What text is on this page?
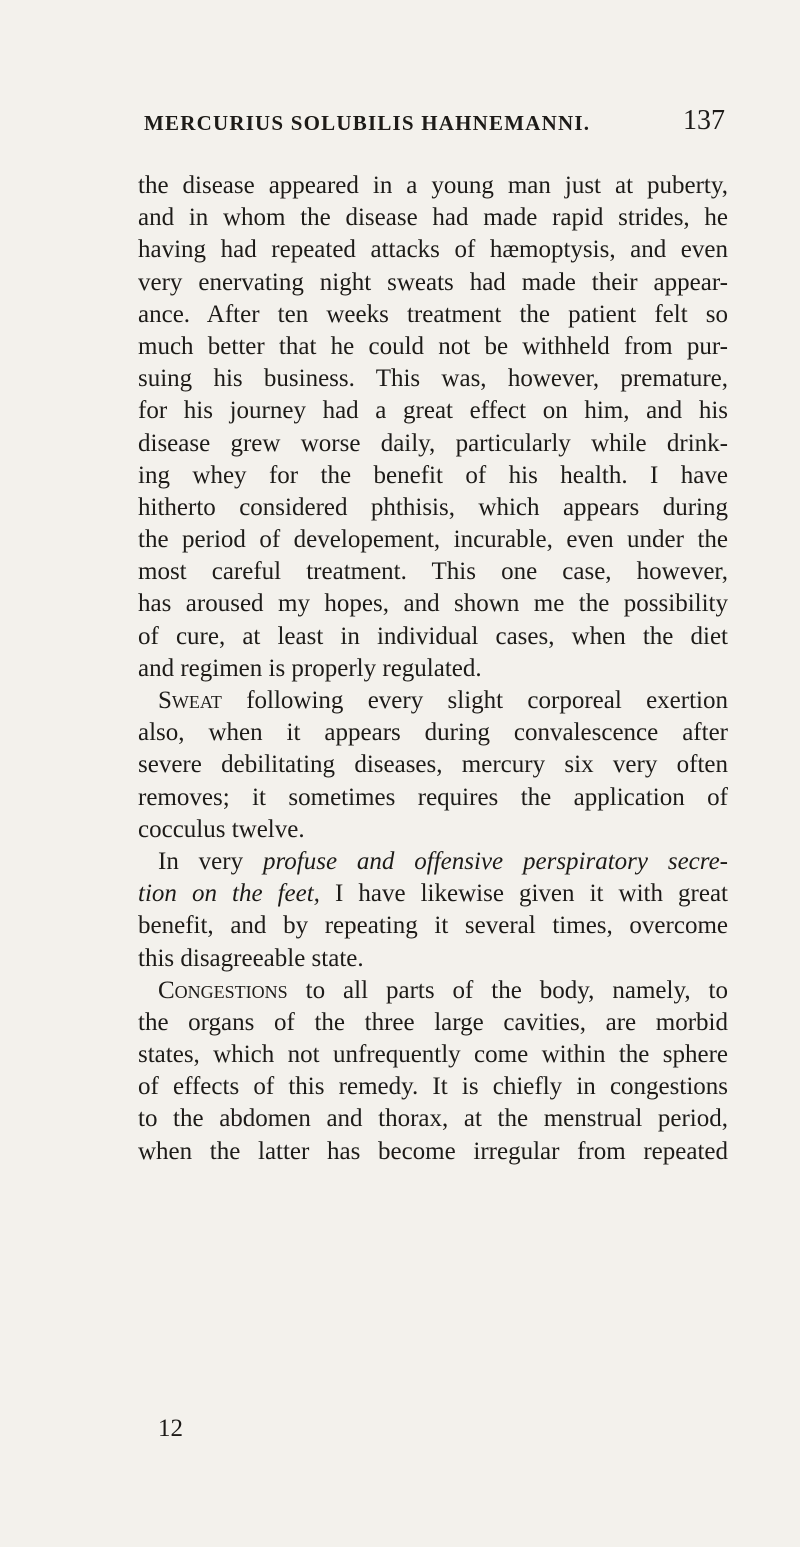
MERCURIUS SOLUBILIS HAHNEMANNI.	137
the disease appeared in a young man just at puberty,
and in whom the disease had made rapid strides, he
having had repeated attacks of hæmoptysis, and even
very enervating night sweats had made their appear-
ance. After ten weeks treatment the patient felt so
much better that he could not be withheld from pur-
suing his business. This was, however, premature,
for his journey had a great effect on him, and his
disease grew worse daily, particularly while drink-
ing whey for the benefit of his health. I have
hitherto considered phthisis, which appears during
the period of developement, incurable, even under the
most careful treatment. This one case, however,
has aroused my hopes, and shown me the possibility
of cure, at least in individual cases, when the diet
and regimen is properly regulated.
Sweat following every slight corporeal exertion
also, when it appears during convalescence after
severe debilitating diseases, mercury six very often
removes; it sometimes requires the application of
cocculus twelve.
In very profuse and offensive perspiratory secre-
tion on the feet, I have likewise given it with great
benefit, and by repeating it several times, overcome
this disagreeable state.
Congestions to all parts of the body, namely, to
the organs of the three large cavities, are morbid
states, which not unfrequently come within the sphere
of effects of this remedy. It is chiefly in congestions
to the abdomen and thorax, at the menstrual period,
when the latter has become irregular from repeated
12
